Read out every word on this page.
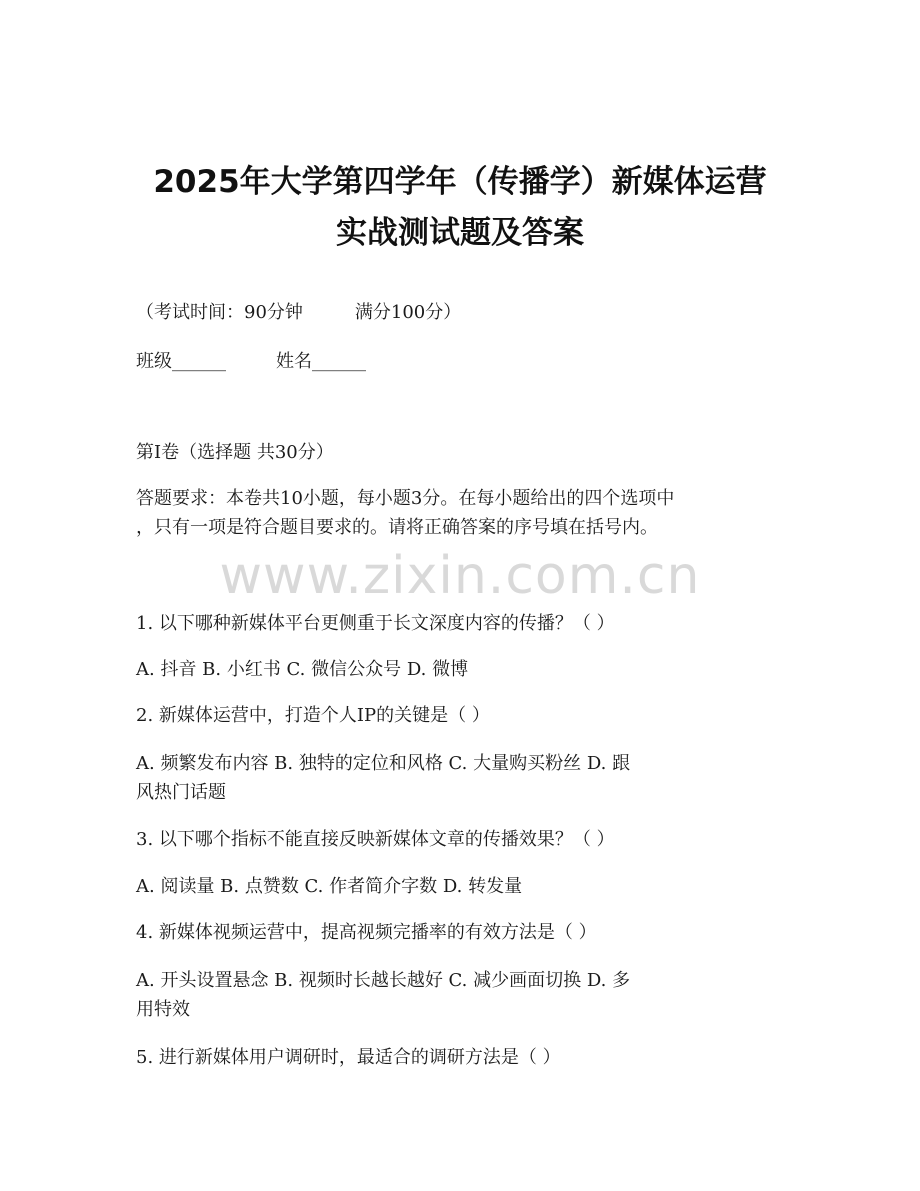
2025年大学第四学年（传播学）新媒体运营
实战测试题及答案
（考试时间：90分钟	满分100分）
班级______	姓名______
第I卷（选择题 共30分）
答题要求：本卷共10小题，每小题3分。在每小题给出的四个选项中
，只有一项是符合题目要求的。请将正确答案的序号填在括号内。
www.zixin.com.cn
1. 以下哪种新媒体平台更侧重于长文深度内容的传播？（ ）
A. 抖音 B. 小红书 C. 微信公众号 D. 微博
2. 新媒体运营中，打造个人IP的关键是（ ）
A. 频繁发布内容 B. 独特的定位和风格 C. 大量购买粉丝 D. 跟
风热门话题
3. 以下哪个指标不能直接反映新媒体文章的传播效果？（ ）
A. 阅读量 B. 点赞数 C. 作者简介字数 D. 转发量
4. 新媒体视频运营中，提高视频完播率的有效方法是（ ）
A. 开头设置悬念 B. 视频时长越长越好 C. 减少画面切换 D. 多
用特效
5. 进行新媒体用户调研时，最适合的调研方法是（ ）
